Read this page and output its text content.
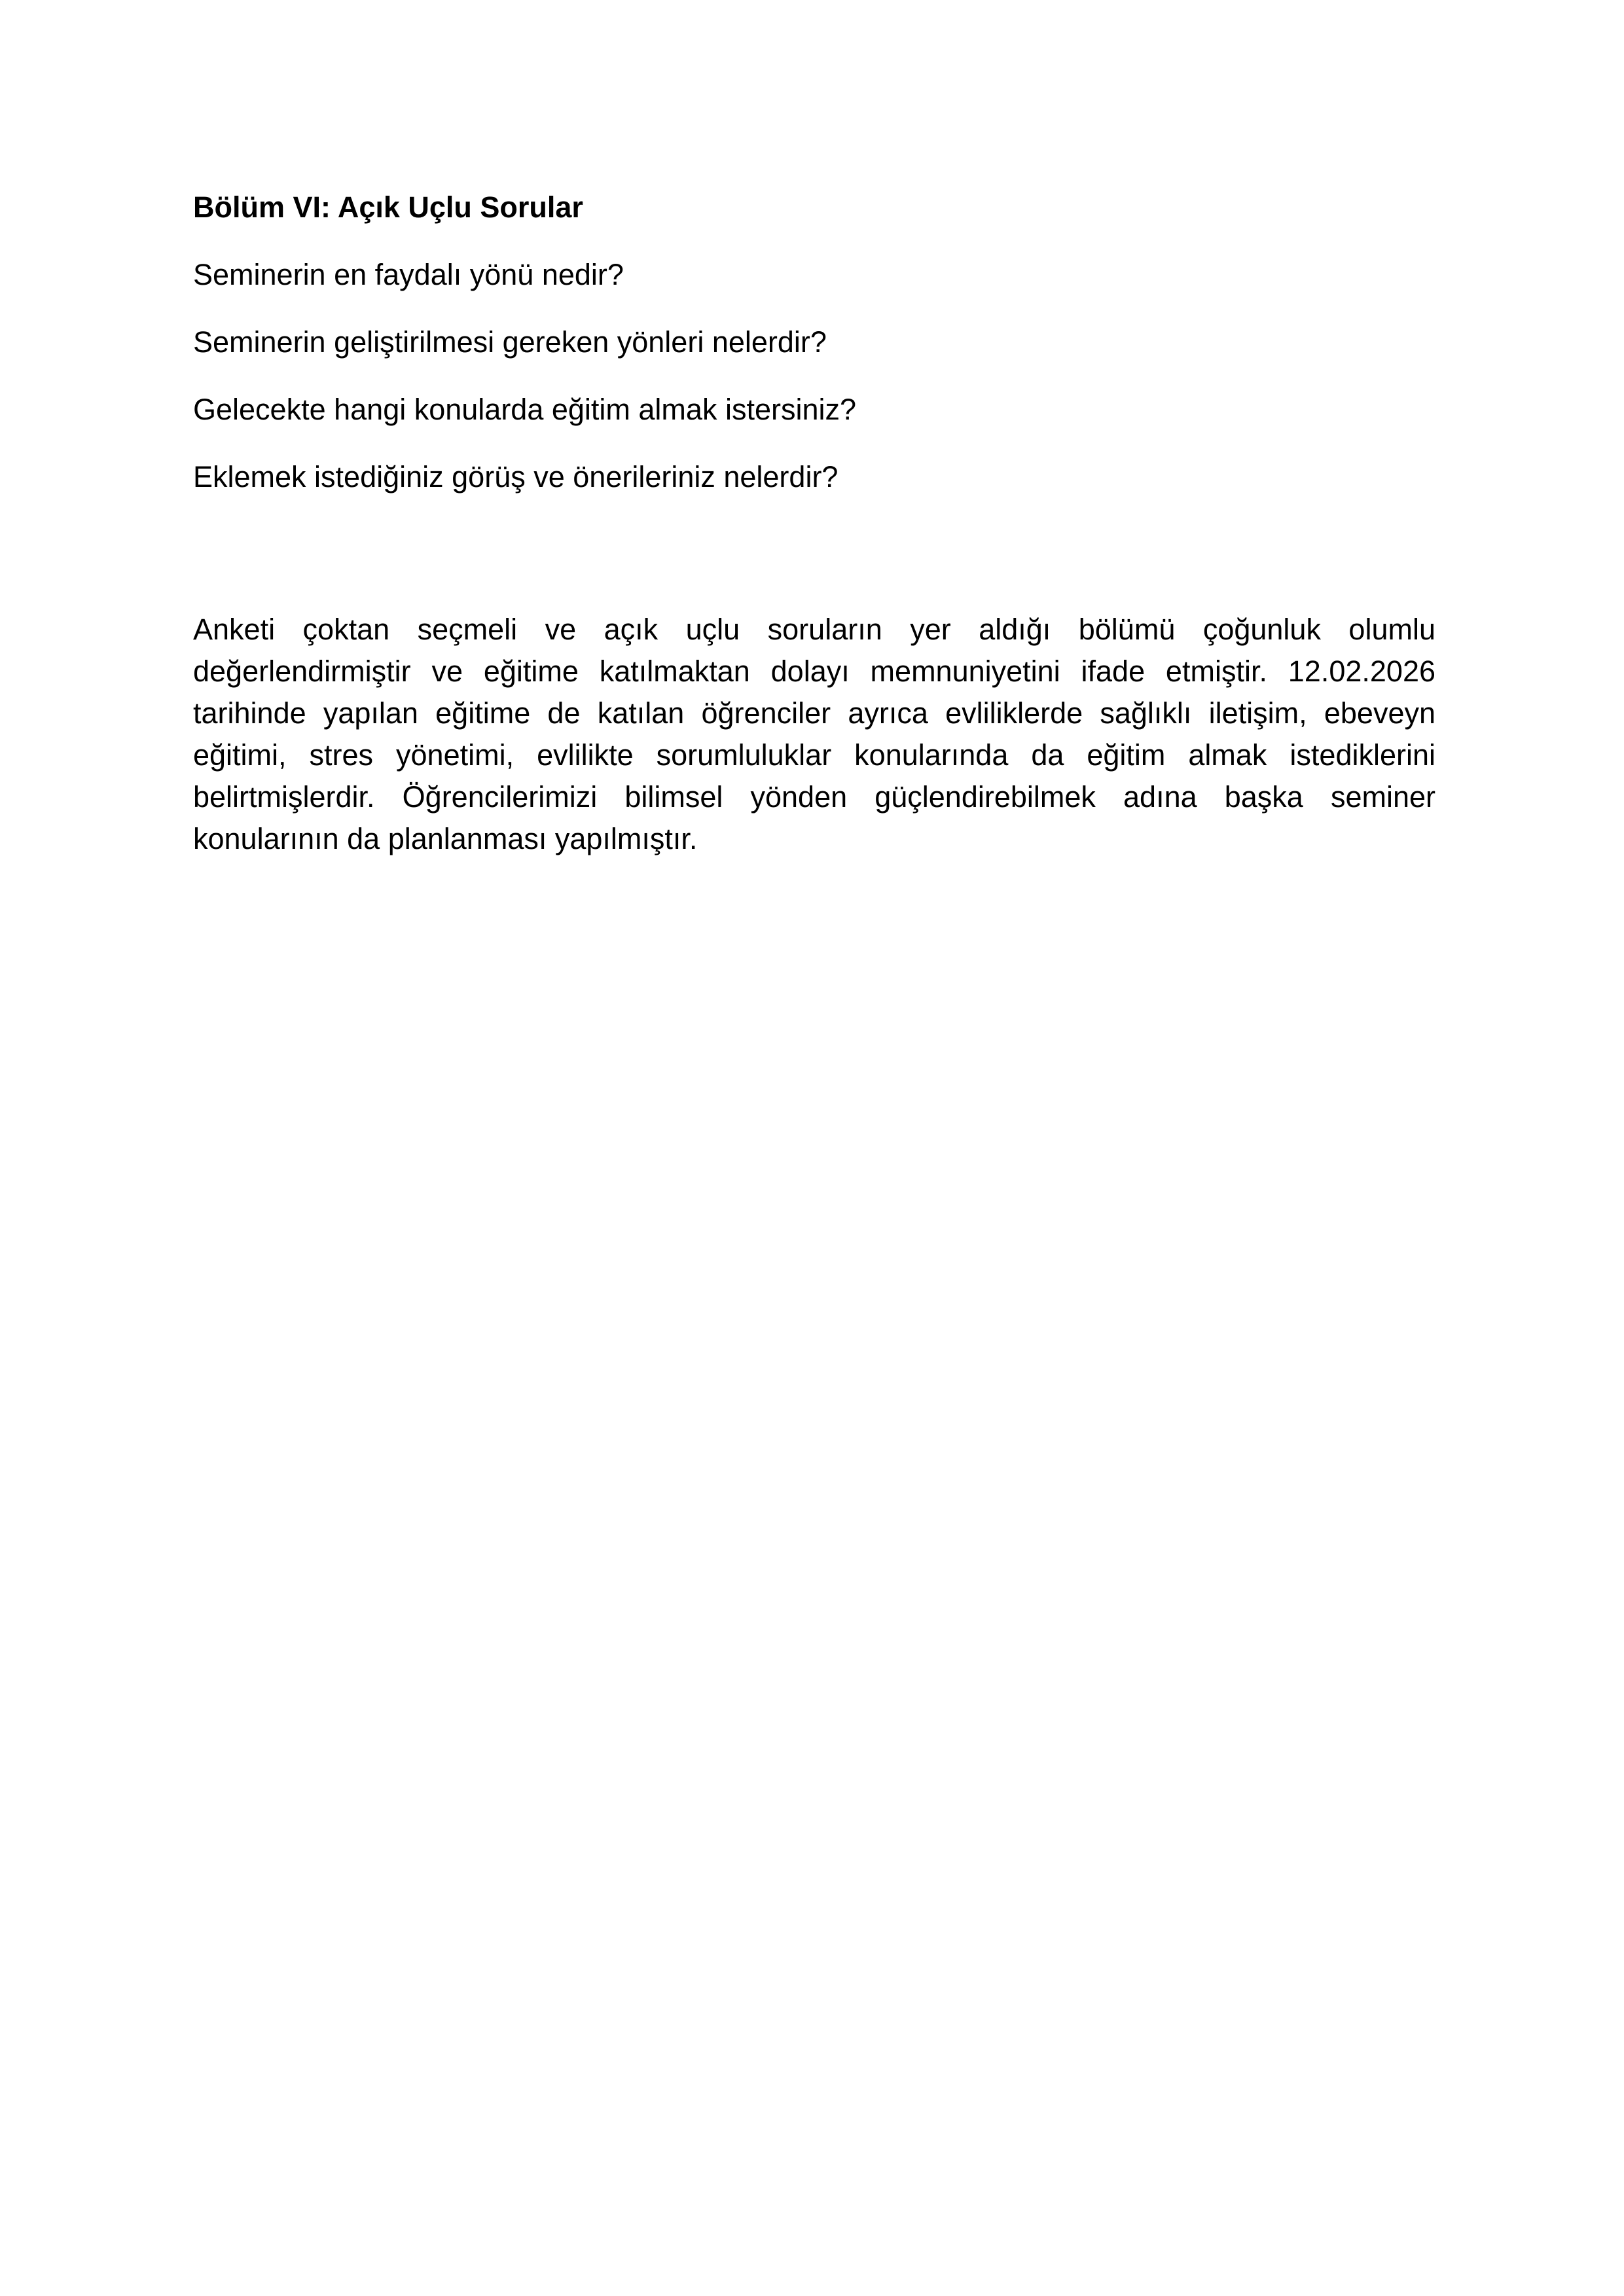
Bölüm VI: Açık Uçlu Sorular
Seminerin en faydalı yönü nedir?
Seminerin geliştirilmesi gereken yönleri nelerdir?
Gelecekte hangi konularda eğitim almak istersiniz?
Eklemek istediğiniz görüş ve önerileriniz nelerdir?
Anketi çoktan seçmeli ve açık uçlu soruların yer aldığı bölümü çoğunluk olumlu değerlendirmiştir ve eğitime katılmaktan dolayı memnuniyetini ifade etmiştir. 12.02.2026 tarihinde yapılan eğitime de katılan öğrenciler ayrıca evliliklerde sağlıklı iletişim, ebeveyn eğitimi, stres yönetimi, evlilikte sorumluluklar konularında da eğitim almak istediklerini belirtmişlerdir. Öğrencilerimizi bilimsel yönden güçlendirebilmek adına başka seminer konularının da planlanması yapılmıştır.
